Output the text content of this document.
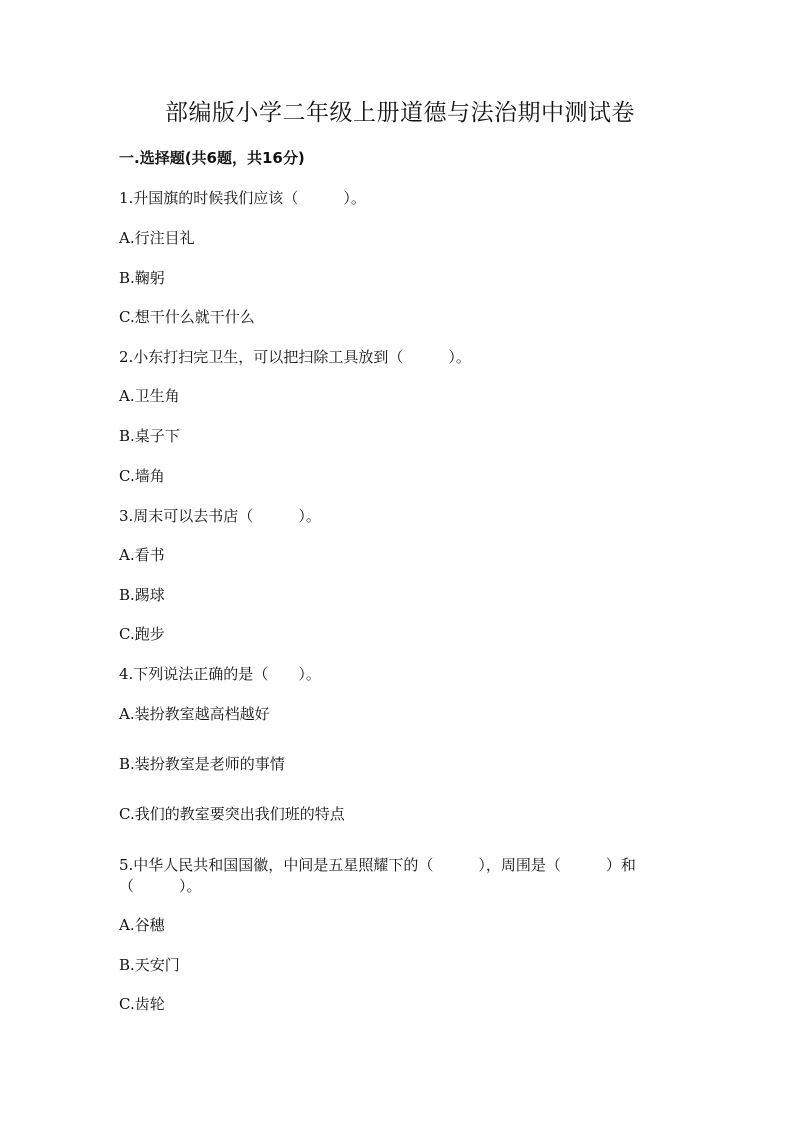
部编版小学二年级上册道德与法治期中测试卷
一.选择题(共6题，共16分)
1.升国旗的时候我们应该（　　　）。
A.行注目礼
B.鞠躬
C.想干什么就干什么
2.小东打扫完卫生，可以把扫除工具放到（　　　）。
A.卫生角
B.桌子下
C.墙角
3.周末可以去书店（　　　）。
A.看书
B.踢球
C.跑步
4.下列说法正确的是（　　）。
A.装扮教室越高档越好
B.装扮教室是老师的事情
C.我们的教室要突出我们班的特点
5.中华人民共和国国徽，中间是五星照耀下的（　　　），周围是（　　　）和
（　　　）。
A.谷穗
B.天安门
C.齿轮
